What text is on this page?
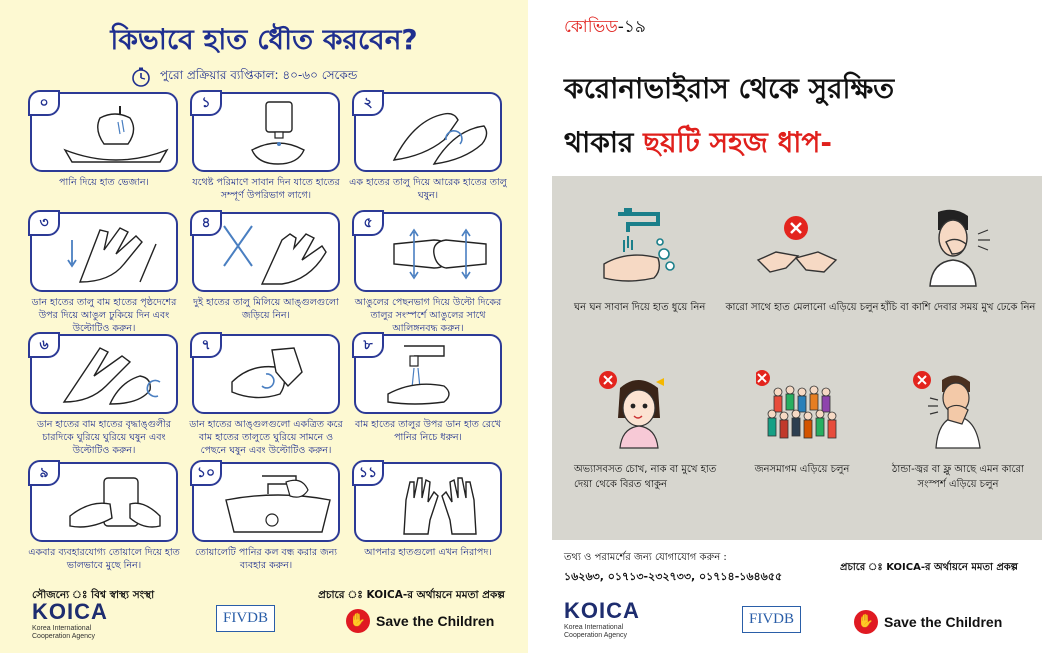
কিভাবে হাত ধৌত করবেন?
পুরো প্রক্রিয়ার ব্যপ্তিকাল: ৪০-৬০ সেকেন্ড
০
পানি দিয়ে হাত ভেজান।
১
যথেষ্ট পরিমাণে সাবান দিন যাতে হাতের সম্পূর্ণ উপরিভাগ লাগে।
২
এক হাতের তালু দিয়ে আরেক হাতের তালু ঘষুন।
৩
ডান হাতের তালু বাম হাতের পৃষ্ঠদেশের উপর দিয়ে আঙুল ঢুকিয়ে দিন এবং উল্টোটিও করুন।
৪
দুই হাতের তালু মিলিয়ে আঙ্গুলগুলো জড়িয়ে নিন।
৫
আঙুলের পেছনভাগ দিয়ে উল্টো দিকের তালুর সংস্পর্শে আঙুলের সাথে আলিঙ্গনবদ্ধ করুন।
৬
ডান হাতের বাম হাতের বৃদ্ধাঙ্গুলীর চারদিকে ঘুরিয়ে ঘুরিয়ে ঘষুন এবং উল্টোটিও করুন।
৭
ডান হাতের আঙ্গুলগুলো একত্রিত করে বাম হাতের তালুতে ঘুরিয়ে সামনে ও পেছনে ঘষুন এবং উল্টোটিও করুন।
৮
বাম হাতের তালুর উপর ডান হাত রেখে পানির নিচে ধরুন।
৯
একবার ব্যবহারযোগ্য তোয়ালে দিয়ে হাত ভালভাবে মুছে নিন।
১০
তোয়ালেটি পানির কল বন্ধ করার জন্য ব্যবহার করুন।
১১
আপনার হাতগুলো এখন নিরাপদ।
সৌজন্যে ঃ বিশ্ব স্বাস্থ্য সংস্থা	প্রচারে ঃ KOICA-র অর্থায়নে মমতা প্রকল্প
KOICA
Korea International
Cooperation Agency
FIVDB	✋ Save the Children
কোভিড-১৯
করোনাভাইরাস থেকে সুরক্ষিত
থাকার ছয়টি সহজ ধাপ-
ঘন ঘন সাবান দিয়ে হাত ধুয়ে নিন	কারো সাথে হাত মেলানো এড়িয়ে চলুন হাঁচি বা কাশি দেবার সময় মুখ ঢেকে নিন
অভ্যাসবসত চোখ, নাক বা মুখে হাত দেয়া থেকে বিরত থাকুন
জনসমাগম এড়িয়ে চলুন	ঠান্ডা-জ্বর বা ফ্লু আছে এমন কারো সংস্পর্শ এড়িয়ে চলুন
তথ্য ও পরামর্শের জন্য যোগাযোগ করুন :
১৬২৬৩, ০১৭১৩-২৩২৭৩৩, ০১৭১৪-১৬৪৬৫৫
প্রচারে ঃ KOICA-র অর্থায়নে মমতা প্রকল্প
KOICA
Korea International
Cooperation Agency
FIVDB	✋ Save the Children
